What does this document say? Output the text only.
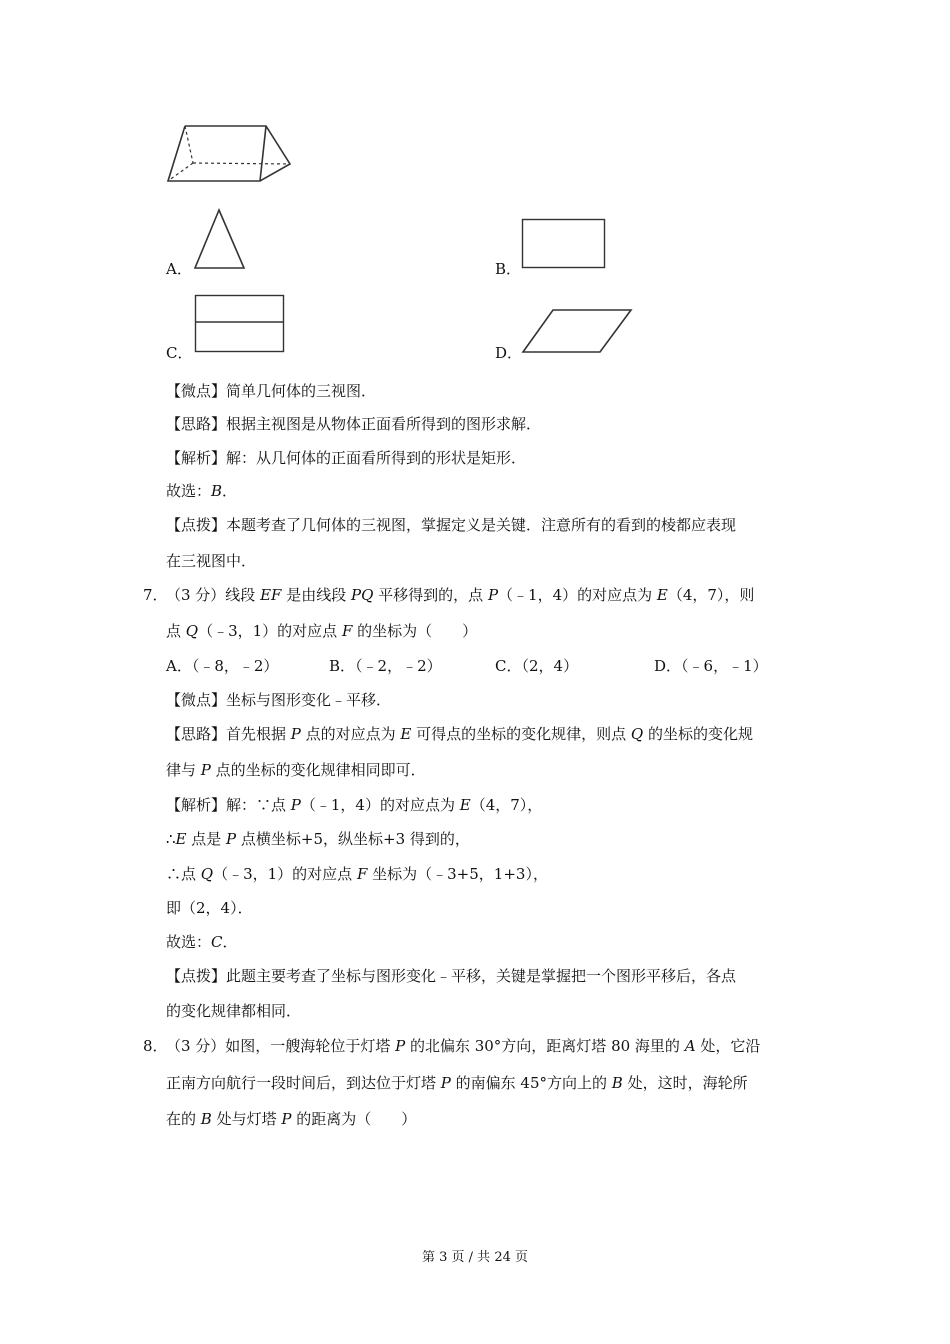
A．	B．
C．	D．
【微点】简单几何体的三视图．
【思路】根据主视图是从物体正面看所得到的图形求解．
【解析】解：从几何体的正面看所得到的形状是矩形．
故选：B．
【点拨】本题考查了几何体的三视图，掌握定义是关键．注意所有的看到的棱都应表现
在三视图中．
7．
（3 分）线段 EF 是由线段 PQ 平移得到的，点 P（﹣1，4）的对应点为 E（4，7），则
点 Q（﹣3，1）的对应点 F 的坐标为（　　）
A．（﹣8，﹣2）	B．（﹣2，﹣2）	C．（2，4）	D．（﹣6，﹣1）
【微点】坐标与图形变化﹣平移．
【思路】首先根据 P 点的对应点为 E 可得点的坐标的变化规律，则点 Q 的坐标的变化规
律与 P 点的坐标的变化规律相同即可．
【解析】解：∵点 P（﹣1，4）的对应点为 E（4，7），
∴E 点是 P 点横坐标+5，纵坐标+3 得到的，
∴点 Q（﹣3，1）的对应点 F 坐标为（﹣3+5，1+3），
即（2，4）．
故选：C．
【点拨】此题主要考查了坐标与图形变化﹣平移，关键是掌握把一个图形平移后，各点
的变化规律都相同．
8．
（3 分）如图，一艘海轮位于灯塔 P 的北偏东 30°方向，距离灯塔 80 海里的 A 处，它沿
正南方向航行一段时间后，到达位于灯塔 P 的南偏东 45°方向上的 B 处，这时，海轮所
在的 B 处与灯塔 P 的距离为（　　）
第 3 页 / 共 24 页
